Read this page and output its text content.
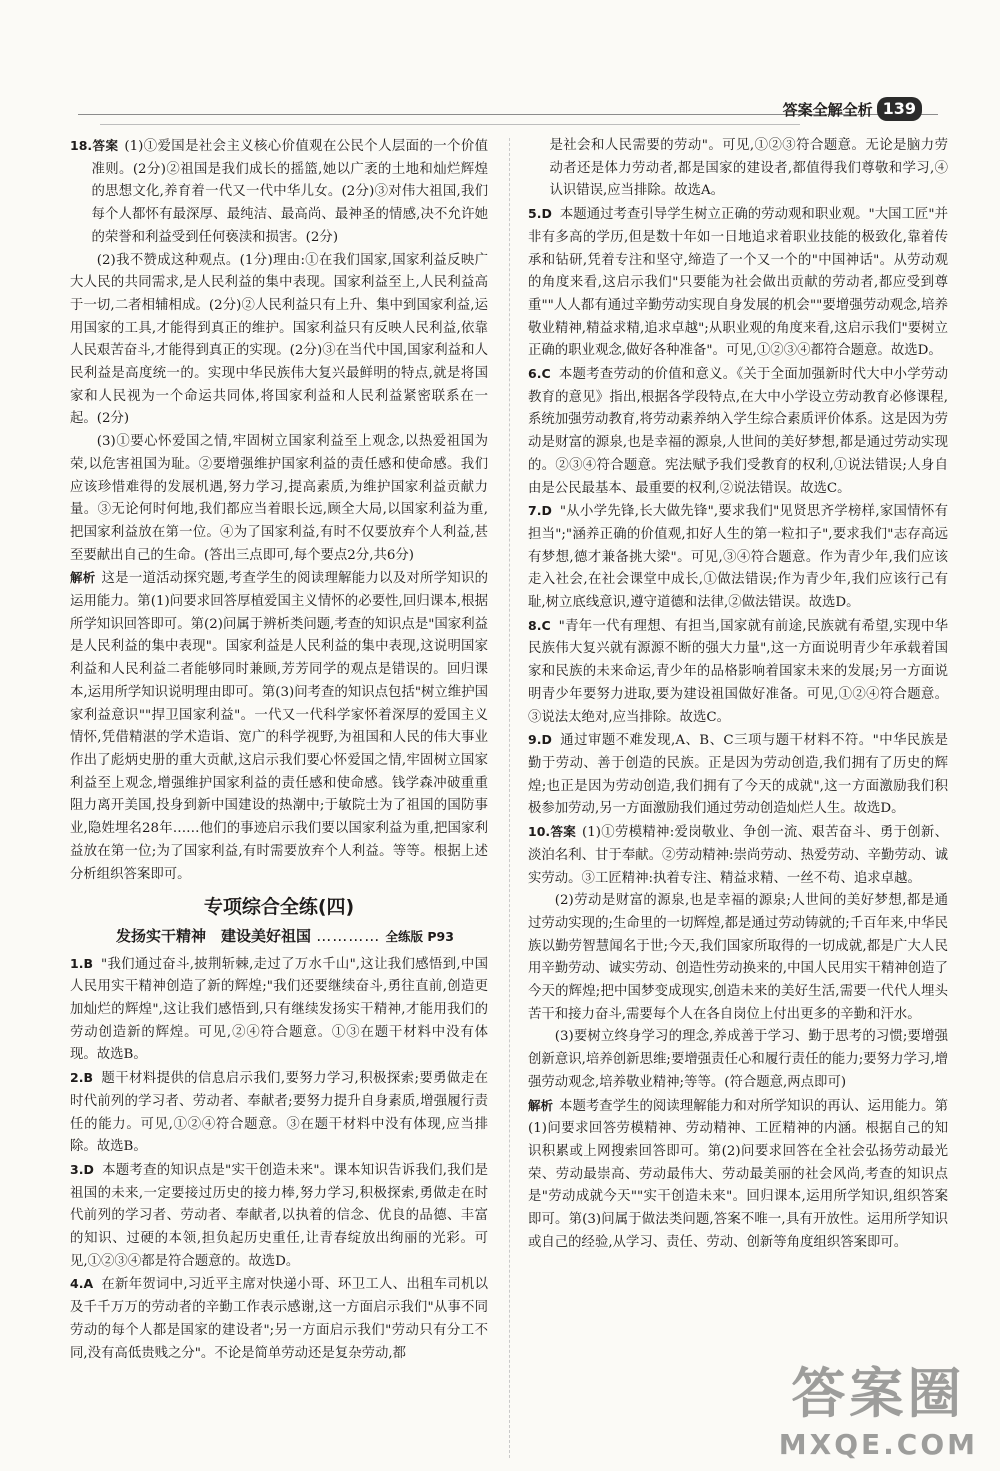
答案全解全析 139

18.答案 (1)①爱国是社会主义核心价值观在公民个人层面的一个价值准则。(2分)②祖国是我们成长的摇篮,她以广袤的土地和灿烂辉煌的思想文化,养育着一代又一代中华儿女。(2分)③对伟大祖国,我们每个人都怀有最深厚、最纯洁、最高尚、最神圣的情感,决不允许她的荣誉和利益受到任何亵渎和损害。(2分)

(2)我不赞成这种观点。(1分)理由:①在我们国家,国家利益反映广大人民的共同需求,是人民利益的集中表现。国家利益至上,人民利益高于一切,二者相辅相成。(2分)②人民利益只有上升、集中到国家利益,运用国家的工具,才能得到真正的维护。国家利益只有反映人民利益,依靠人民艰苦奋斗,才能得到真正的实现。(2分)③在当代中国,国家利益和人民利益是高度统一的。实现中华民族伟大复兴最鲜明的特点,就是将国家和人民视为一个命运共同体,将国家利益和人民利益紧密联系在一起。(2分)

(3)①要心怀爱国之情,牢固树立国家利益至上观念,以热爱祖国为荣,以危害祖国为耻。②要增强维护国家利益的责任感和使命感。我们应该珍惜难得的发展机遇,努力学习,提高素质,为维护国家利益贡献力量。③无论何时何地,我们都应当着眼长远,顾全大局,以国家利益为重,把国家利益放在第一位。④为了国家利益,有时不仅要放弃个人利益,甚至要献出自己的生命。(答出三点即可,每个要点2分,共6分)

解析 这是一道活动探究题,考查学生的阅读理解能力以及对所学知识的运用能力。第(1)问要求回答厚植爱国主义情怀的必要性,回归课本,根据所学知识回答即可。第(2)问属于辨析类问题,考查的知识点是"国家利益是人民利益的集中表现"。国家利益是人民利益的集中表现,这说明国家利益和人民利益二者能够同时兼顾,芳芳同学的观点是错误的。回归课本,运用所学知识说明理由即可。第(3)问考查的知识点包括"树立维护国家利益意识""捍卫国家利益"。一代又一代科学家怀着深厚的爱国主义情怀,凭借精湛的学术造诣、宽广的科学视野,为祖国和人民的伟大事业作出了彪炳史册的重大贡献,这启示我们要心怀爱国之情,牢固树立国家利益至上观念,增强维护国家利益的责任感和使命感。钱学森冲破重重阻力离开美国,投身到新中国建设的热潮中;于敏院士为了祖国的国防事业,隐姓埋名28年……他们的事迹启示我们要以国家利益为重,把国家利益放在第一位;为了国家利益,有时需要放弃个人利益。等等。根据上述分析组织答案即可。

专项综合全练(四)
发扬实干精神　建设美好祖国 ………… 全练版 P93

1.B "我们通过奋斗,披荆斩棘,走过了万水千山",这让我们感悟到,中国人民用实干精神创造了新的辉煌;"我们还要继续奋斗,勇往直前,创造更加灿烂的辉煌",这让我们感悟到,只有继续发扬实干精神,才能用我们的劳动创造新的辉煌。可见,②④符合题意。①③在题干材料中没有体现。故选B。

2.B 题干材料提供的信息启示我们,要努力学习,积极探索;要勇做走在时代前列的学习者、劳动者、奉献者;要努力提升自身素质,增强履行责任的能力。可见,①②④符合题意。③在题干材料中没有体现,应当排除。故选B。

3.D 本题考查的知识点是"实干创造未来"。课本知识告诉我们,我们是祖国的未来,一定要接过历史的接力棒,努力学习,积极探索,勇做走在时代前列的学习者、劳动者、奉献者,以执着的信念、优良的品德、丰富的知识、过硬的本领,担负起历史重任,让青春绽放出绚丽的光彩。可见,①②③④都是符合题意的。故选D。

4.A 在新年贺词中,习近平主席对快递小哥、环卫工人、出租车司机以及千千万万的劳动者的辛勤工作表示感谢,这一方面启示我们"从事不同劳动的每个人都是国家的建设者";另一方面启示我们"劳动只有分工不同,没有高低贵贱之分"。不论是简单劳动还是复杂劳动,都

是社会和人民需要的劳动"。可见,①②③符合题意。无论是脑力劳动者还是体力劳动者,都是国家的建设者,都值得我们尊敬和学习,④认识错误,应当排除。故选A。

5.D 本题通过考查引导学生树立正确的劳动观和职业观。"大国工匠"并非有多高的学历,但是数十年如一日地追求着职业技能的极致化,靠着传承和钻研,凭着专注和坚守,缔造了一个又一个的"中国神话"。从劳动观的角度来看,这启示我们"只要能为社会做出贡献的劳动者,都应受到尊重""人人都有通过辛勤劳动实现自身发展的机会""要增强劳动观念,培养敬业精神,精益求精,追求卓越";从职业观的角度来看,这启示我们"要树立正确的职业观念,做好各种准备"。可见,①②③④都符合题意。故选D。

6.C 本题考查劳动的价值和意义。《关于全面加强新时代大中小学劳动教育的意见》指出,根据各学段特点,在大中小学设立劳动教育必修课程,系统加强劳动教育,将劳动素养纳入学生综合素质评价体系。这是因为劳动是财富的源泉,也是幸福的源泉,人世间的美好梦想,都是通过劳动实现的。②③④符合题意。宪法赋予我们受教育的权利,①说法错误;人身自由是公民最基本、最重要的权利,②说法错误。故选C。

7.D "从小学先锋,长大做先锋",要求我们"见贤思齐学榜样,家国情怀有担当";"涵养正确的价值观,扣好人生的第一粒扣子",要求我们"志存高远有梦想,德才兼备挑大梁"。可见,③④符合题意。作为青少年,我们应该走入社会,在社会课堂中成长,①做法错误;作为青少年,我们应该行己有耻,树立底线意识,遵守道德和法律,②做法错误。故选D。

8.C "青年一代有理想、有担当,国家就有前途,民族就有希望,实现中华民族伟大复兴就有源源不断的强大力量",这一方面说明青少年承载着国家和民族的未来命运,青少年的品格影响着国家未来的发展;另一方面说明青少年要努力进取,要为建设祖国做好准备。可见,①②④符合题意。③说法太绝对,应当排除。故选C。

9.D 通过审题不难发现,A、B、C三项与题干材料不符。"中华民族是勤于劳动、善于创造的民族。正是因为劳动创造,我们拥有了历史的辉煌;也正是因为劳动创造,我们拥有了今天的成就",这一方面激励我们积极参加劳动,另一方面激励我们通过劳动创造灿烂人生。故选D。

10.答案 (1)①劳模精神:爱岗敬业、争创一流、艰苦奋斗、勇于创新、淡泊名利、甘于奉献。②劳动精神:崇尚劳动、热爱劳动、辛勤劳动、诚实劳动。③工匠精神:执着专注、精益求精、一丝不苟、追求卓越。

(2)劳动是财富的源泉,也是幸福的源泉;人世间的美好梦想,都是通过劳动实现的;生命里的一切辉煌,都是通过劳动铸就的;千百年来,中华民族以勤劳智慧闻名于世;今天,我们国家所取得的一切成就,都是广大人民用辛勤劳动、诚实劳动、创造性劳动换来的,中国人民用实干精神创造了今天的辉煌;把中国梦变成现实,创造未来的美好生活,需要一代代人埋头苦干和接力奋斗,需要每个人在各自岗位上付出更多的辛勤和汗水。

(3)要树立终身学习的理念,养成善于学习、勤于思考的习惯;要增强创新意识,培养创新思维;要增强责任心和履行责任的能力;要努力学习,增强劳动观念,培养敬业精神;等等。(符合题意,两点即可)

解析 本题考查学生的阅读理解能力和对所学知识的再认、运用能力。第(1)问要求回答劳模精神、劳动精神、工匠精神的内涵。根据自己的知识积累或上网搜索回答即可。第(2)问要求回答在全社会弘扬劳动最光荣、劳动最崇高、劳动最伟大、劳动最美丽的社会风尚,考查的知识点是"劳动成就今天""实干创造未来"。回归课本,运用所学知识,组织答案即可。第(3)问属于做法类问题,答案不唯一,具有开放性。运用所学知识或自己的经验,从学习、责任、劳动、创新等角度组织答案即可。

答案圈
MXQE.COM
